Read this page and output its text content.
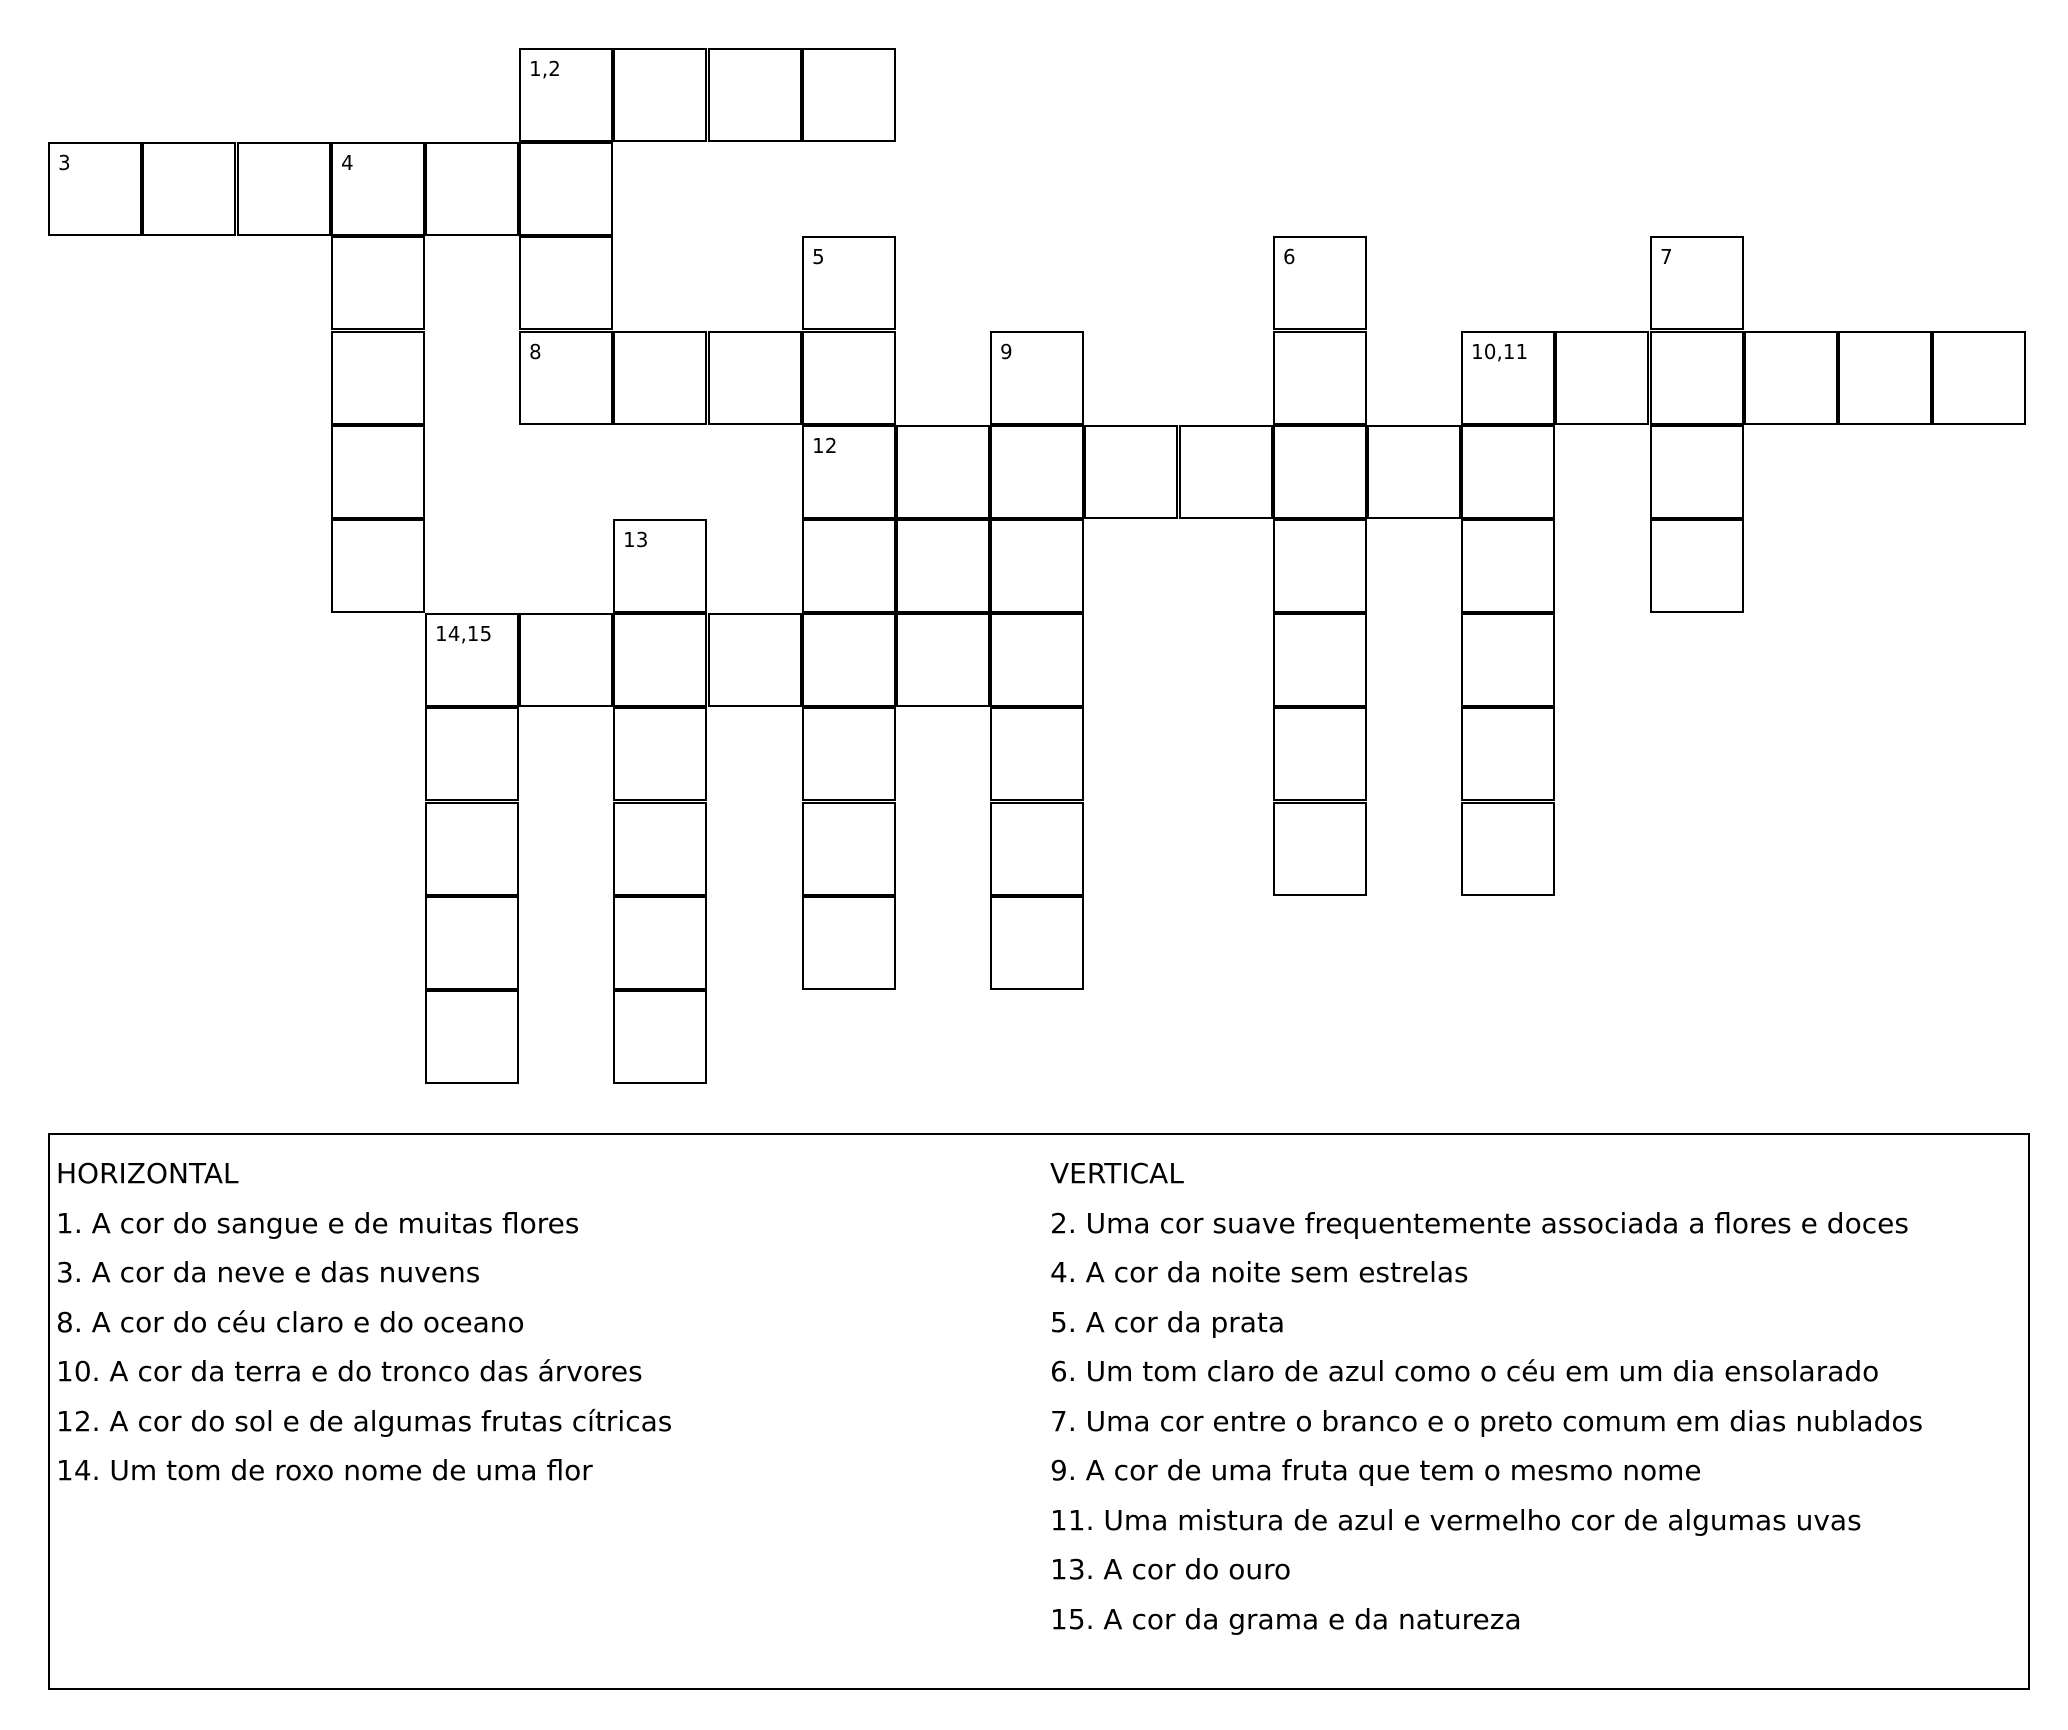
1,2
3	4
5	6	7
8	9	10,11
12
13
14,15
HORIZONTAL
1. A cor do sangue e de muitas flores
3. A cor da neve e das nuvens
8. A cor do céu claro e do oceano
10. A cor da terra e do tronco das árvores
12. A cor do sol e de algumas frutas cítricas
14. Um tom de roxo nome de uma flor
VERTICAL
2. Uma cor suave frequentemente associada a flores e doces
4. A cor da noite sem estrelas
5. A cor da prata
6. Um tom claro de azul como o céu em um dia ensolarado
7. Uma cor entre o branco e o preto comum em dias nublados
9. A cor de uma fruta que tem o mesmo nome
11. Uma mistura de azul e vermelho cor de algumas uvas
13. A cor do ouro
15. A cor da grama e da natureza
